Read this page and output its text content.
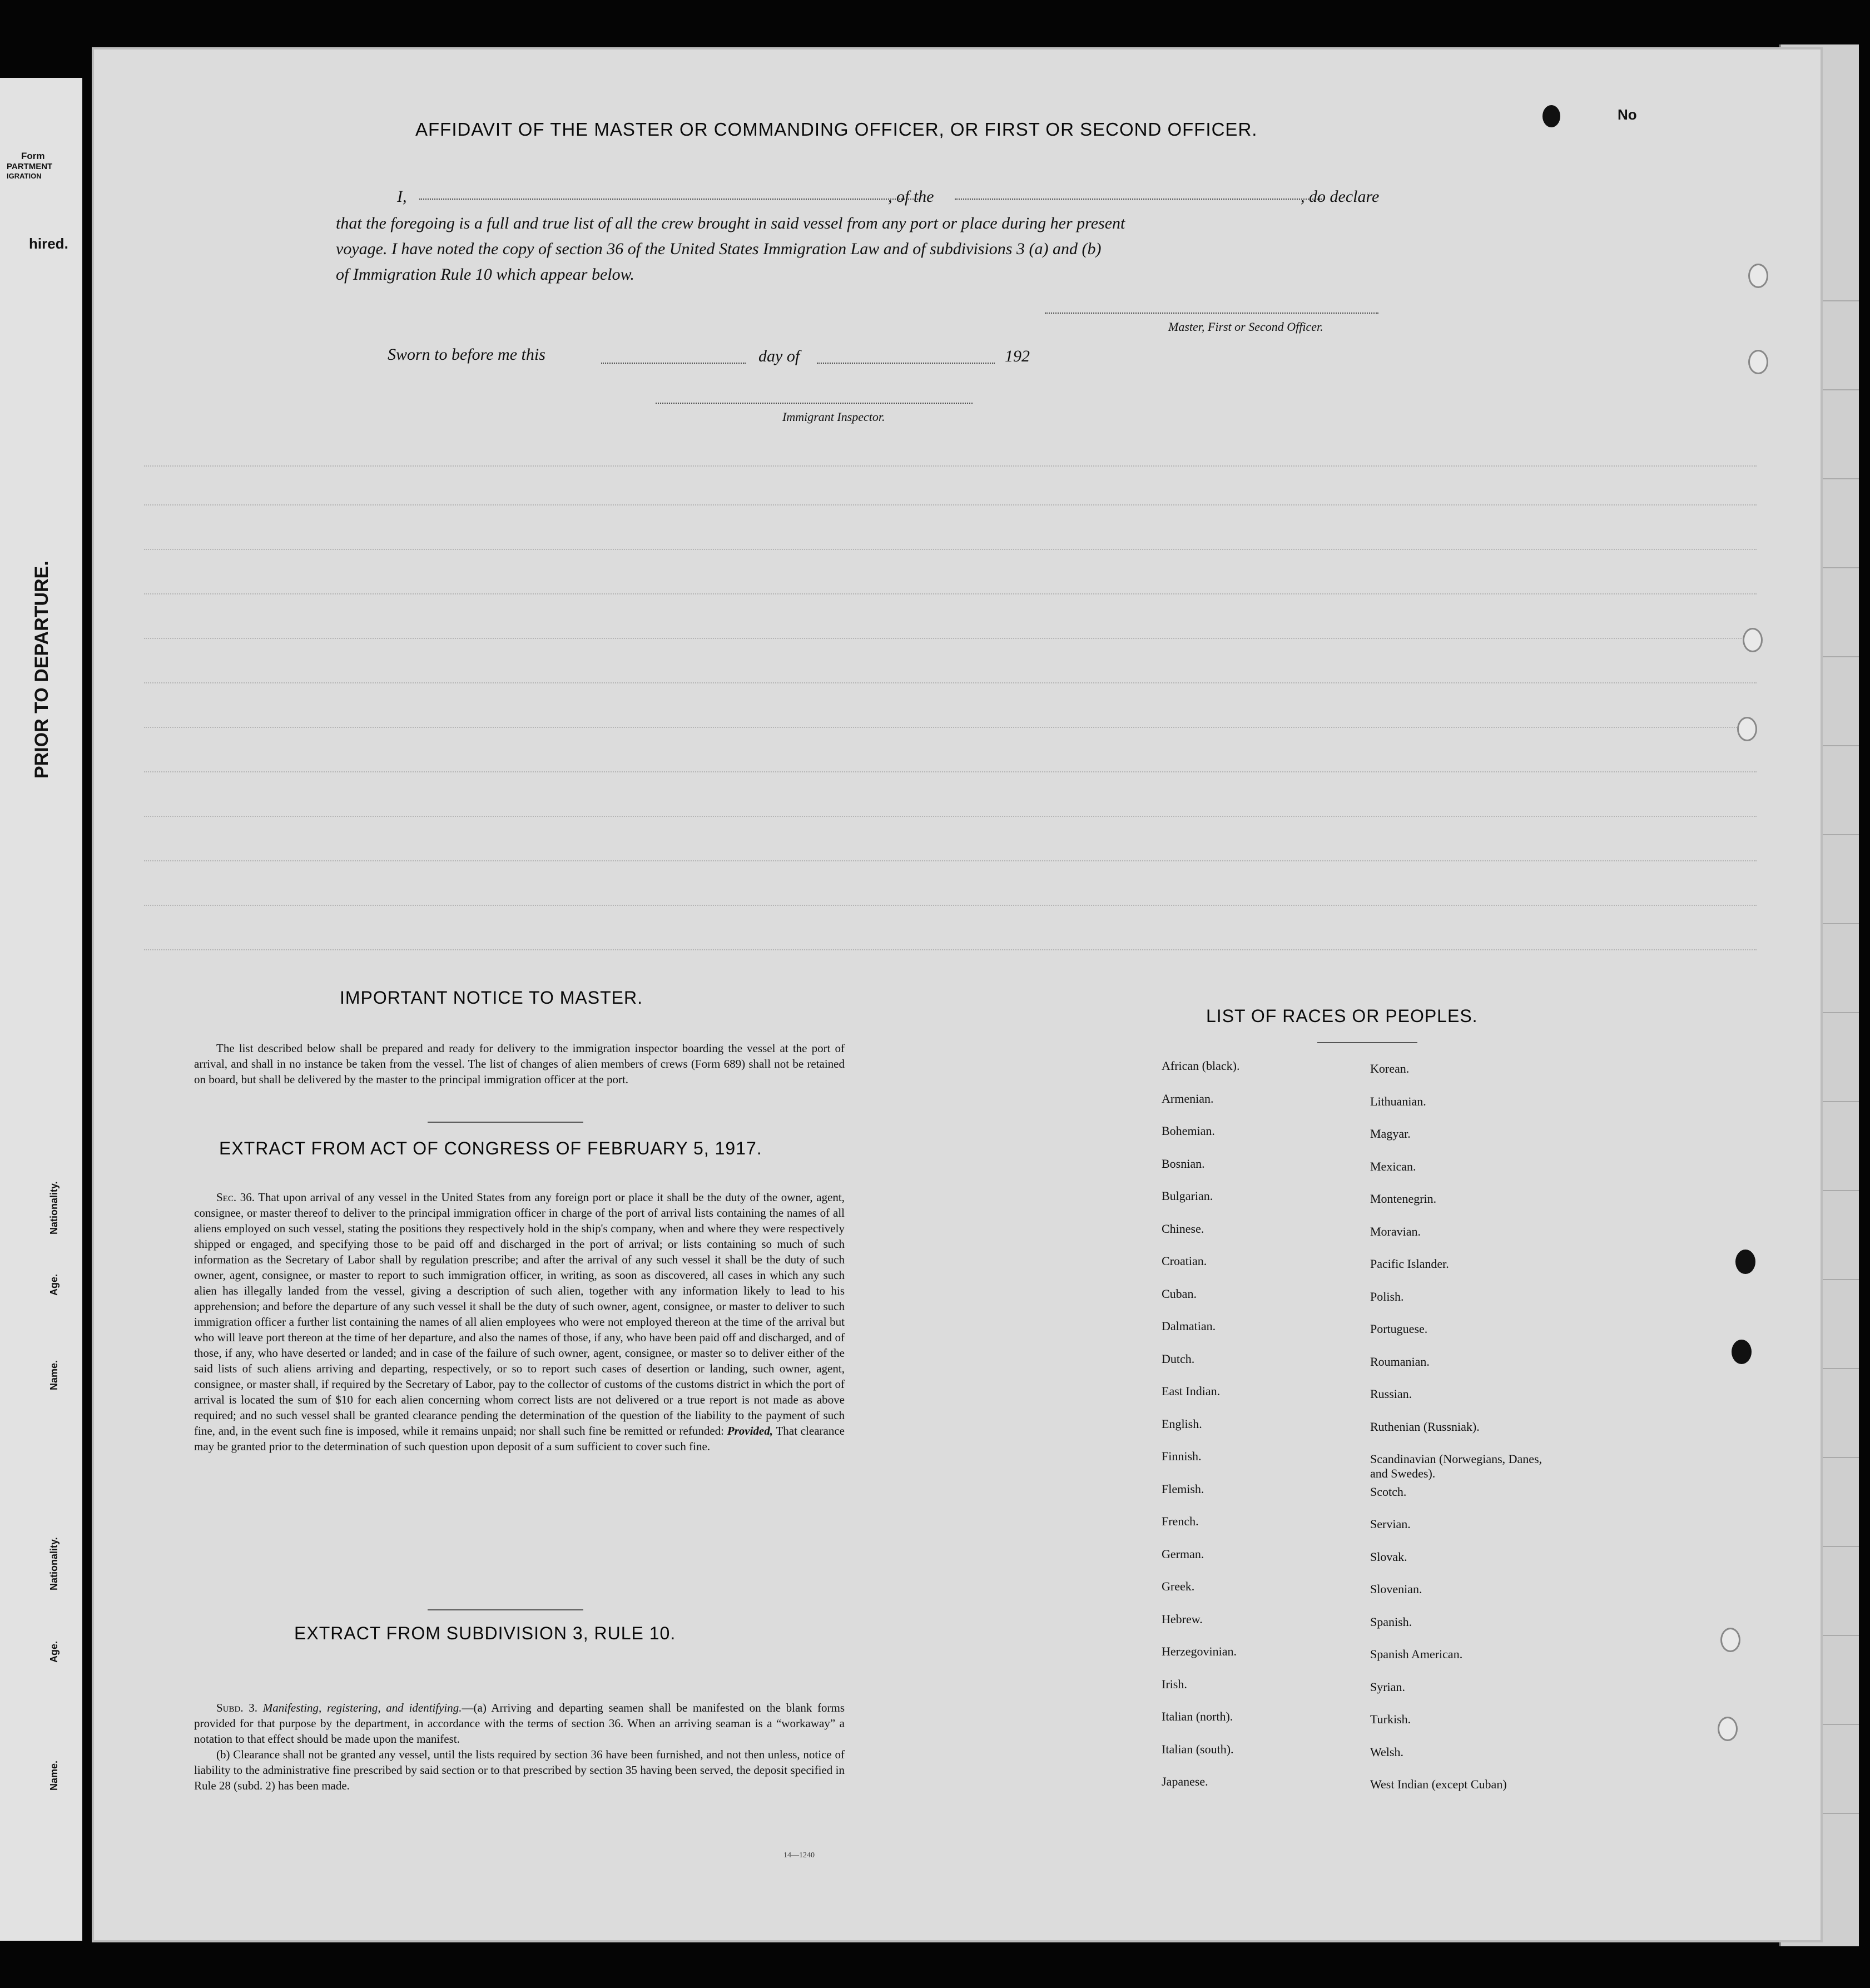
Form
PARTMENT
IGRATION
hired.
PRIOR TO DEPARTURE.
Nationality.
Age.
Name.
Nationality.
Age.
Name.
No
AFFIDAVIT OF THE MASTER OR COMMANDING OFFICER, OR FIRST OR SECOND OFFICER.
I,	, of the	, do declare
that the foregoing is a full and true list of all the crew brought in said vessel from any port or place during her present
voyage. I have noted the copy of section 36 of the United States Immigration Law and of subdivisions 3 (a) and (b)
of Immigration Rule 10 which appear below.
Master, First or Second Officer.
Sworn to before me this	day of	192
Immigrant Inspector.
IMPORTANT NOTICE TO MASTER.

The list described below shall be prepared and ready for delivery to the immigration inspector boarding the vessel at the port of arrival, and shall in no instance be taken from the vessel. The list of changes of alien members of crews (Form 689) shall not be retained on board, but shall be delivered by the master to the principal immigration officer at the port.

EXTRACT FROM ACT OF CONGRESS OF FEBRUARY 5, 1917.

Sec. 36. That upon arrival of any vessel in the United States from any foreign port or place it shall be the duty of the owner, agent, consignee, or master thereof to deliver to the principal immigration officer in charge of the port of arrival lists containing the names of all aliens employed on such vessel, stating the positions they respectively hold in the ship's company, when and where they were respectively shipped or engaged, and specifying those to be paid off and discharged in the port of arrival; or lists containing so much of such information as the Secretary of Labor shall by regulation prescribe; and after the arrival of any such vessel it shall be the duty of such owner, agent, consignee, or master to report to such immigration officer, in writing, as soon as discovered, all cases in which any such alien has illegally landed from the vessel, giving a description of such alien, together with any information likely to lead to his apprehension; and before the departure of any such vessel it shall be the duty of such owner, agent, consignee, or master to deliver to such immigration officer a further list containing the names of all alien employees who were not employed thereon at the time of the arrival but who will leave port thereon at the time of her departure, and also the names of those, if any, who have been paid off and discharged, and of those, if any, who have deserted or landed; and in case of the failure of such owner, agent, consignee, or master so to deliver either of the said lists of such aliens arriving and departing, respectively, or so to report such cases of desertion or landing, such owner, agent, consignee, or master shall, if required by the Secretary of Labor, pay to the collector of customs of the customs district in which the port of arrival is located the sum of $10 for each alien concerning whom correct lists are not delivered or a true report is not made as above required; and no such vessel shall be granted clearance pending the determination of the question of the liability to the payment of such fine, and, in the event such fine is imposed, while it remains unpaid; nor shall such fine be remitted or refunded: Provided, That clearance may be granted prior to the determination of such question upon deposit of a sum sufficient to cover such fine.

EXTRACT FROM SUBDIVISION 3, RULE 10.

Subd. 3. Manifesting, registering, and identifying.—(a) Arriving and departing seamen shall be manifested on the blank forms provided for that purpose by the department, in accordance with the terms of section 36. When an arriving seaman is a “workaway” a notation to that effect should be made upon the manifest.

(b) Clearance shall not be granted any vessel, until the lists required by section 36 have been furnished, and not then unless, notice of liability to the administrative fine prescribed by said section or to that prescribed by section 35 having been served, the deposit specified in Rule 28 (subd. 2) has been made.

14—1240
LIST OF RACES OR PEOPLES.
African (black).
Armenian.
Bohemian.
Bosnian.
Bulgarian.
Chinese.
Croatian.
Cuban.
Dalmatian.
Dutch.
East Indian.
English.
Finnish.
Flemish.
French.
German.
Greek.
Hebrew.
Herzegovinian.
Irish.
Italian (north).
Italian (south).
Japanese.
Korean.
Lithuanian.
Magyar.
Mexican.
Montenegrin.
Moravian.
Pacific Islander.
Polish.
Portuguese.
Roumanian.
Russian.
Ruthenian (Russniak).
Scandinavian (Norwegians, Danes, and Swedes).
Scotch.
Servian.
Slovak.
Slovenian.
Spanish.
Spanish American.
Syrian.
Turkish.
Welsh.
West Indian (except Cuban)
